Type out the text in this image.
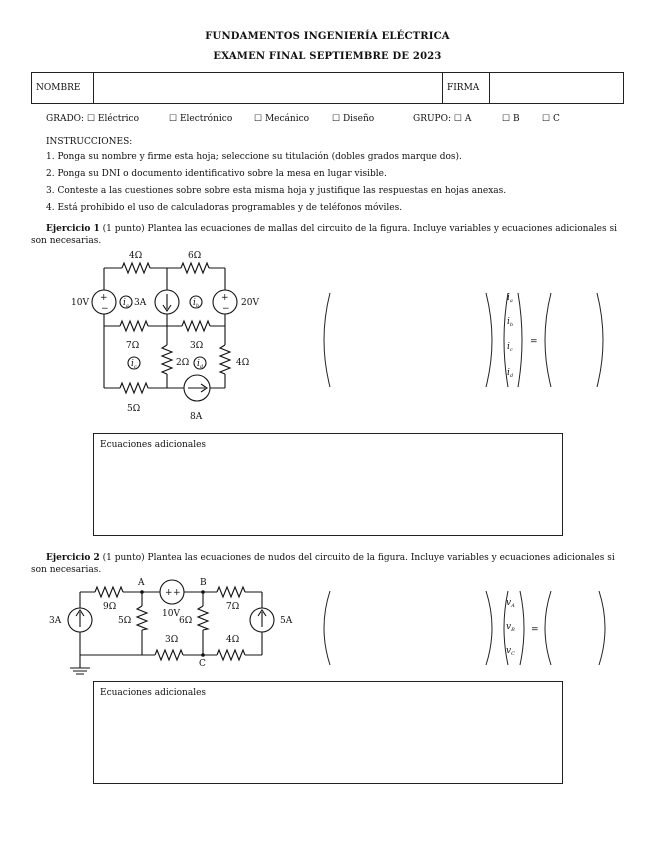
FUNDAMENTOS INGENIERÍA ELÉCTRICA
EXAMEN FINAL SEPTIEMBRE DE 2023
NOMBRE		FIRMA	
GRADO: ☐ Eléctrico	☐ Electrónico ☐ Mecánico	☐ Diseño	GRUPO: ☐ A	☐ B ☐ C
INSTRUCCIONES:
1. Ponga su nombre y firme esta hoja; seleccione su titulación (dobles grados marque dos).
2. Ponga su DNI o documento identificativo sobre la mesa en lugar visible.
3. Conteste a las cuestiones sobre sobre esta misma hoja y justifique las respuestas en hojas anexas.
4. Está prohibido el uso de calculadoras programables y de teléfonos móviles.
Ejercicio 1 (1 punto) Plantea las ecuaciones de mallas del circuito de la figura. Incluye variables y ecuaciones adicionales si
son necesarias.
+
−
+
−
4Ω	6Ω
10V	3A	20V
7Ω	3Ω
2Ω	4Ω
5Ω
8A
$i_a$	$i_b$
$i_c$	$i_d$
$i_a$
$i_b$
$i_c$
$i_d$
=
Ecuaciones adicionales
Ejercicio 2 (1 punto) Plantea las ecuaciones de nudos del circuito de la figura. Incluye variables y ecuaciones adicionales si
son necesarias.
+ +
3A
9Ω
A	B
C
10V
7Ω
5Ω	6Ω
3Ω	4Ω
5A
$v_A$
$v_B$
$v_C$
=
Ecuaciones adicionales
